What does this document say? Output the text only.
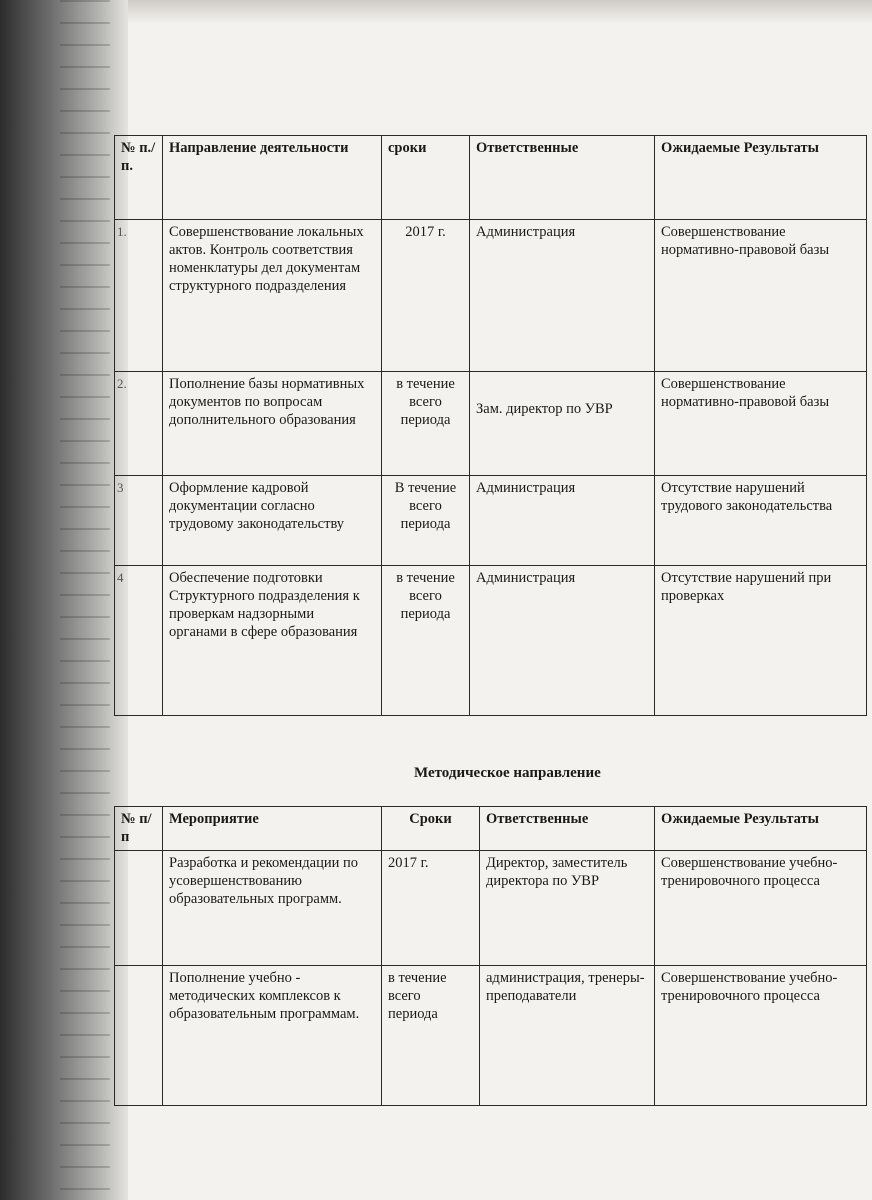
№ п./п.	Направление деятельности	сроки	Ответственные	Ожидаемые Результаты
1.	Совершенствование локальных актов. Контроль соответствия номенклатуры дел документам структурного подразделения	2017 г.	Администрация	Совершенствование нормативно-правовой базы
2.	Пополнение базы нормативных документов по вопросам дополнительного образования	в течение всего периода	Зам. директор по УВР	Совершенствование нормативно-правовой базы
3	Оформление кадровой документации согласно трудовому законодательству	В течение всего периода	Администрация	Отсутствие нарушений трудового законодательства
4	Обеспечение подготовки Структурного подразделения к проверкам надзорными органами в сфере образования	в течение всего периода	Администрация	Отсутствие нарушений при проверках
Методическое направление
№ п/п	Мероприятие	Сроки	Ответственные	Ожидаемые Результаты
	Разработка и рекомендации по усовершенствованию образовательных программ.	2017 г.	Директор, заместитель директора по УВР	Совершенствование учебно-тренировочного процесса
	Пополнение учебно - методических комплексов к образовательным программам.	в течение всего периода	администрация, тренеры- преподаватели	Совершенствование учебно-тренировочного процесса
